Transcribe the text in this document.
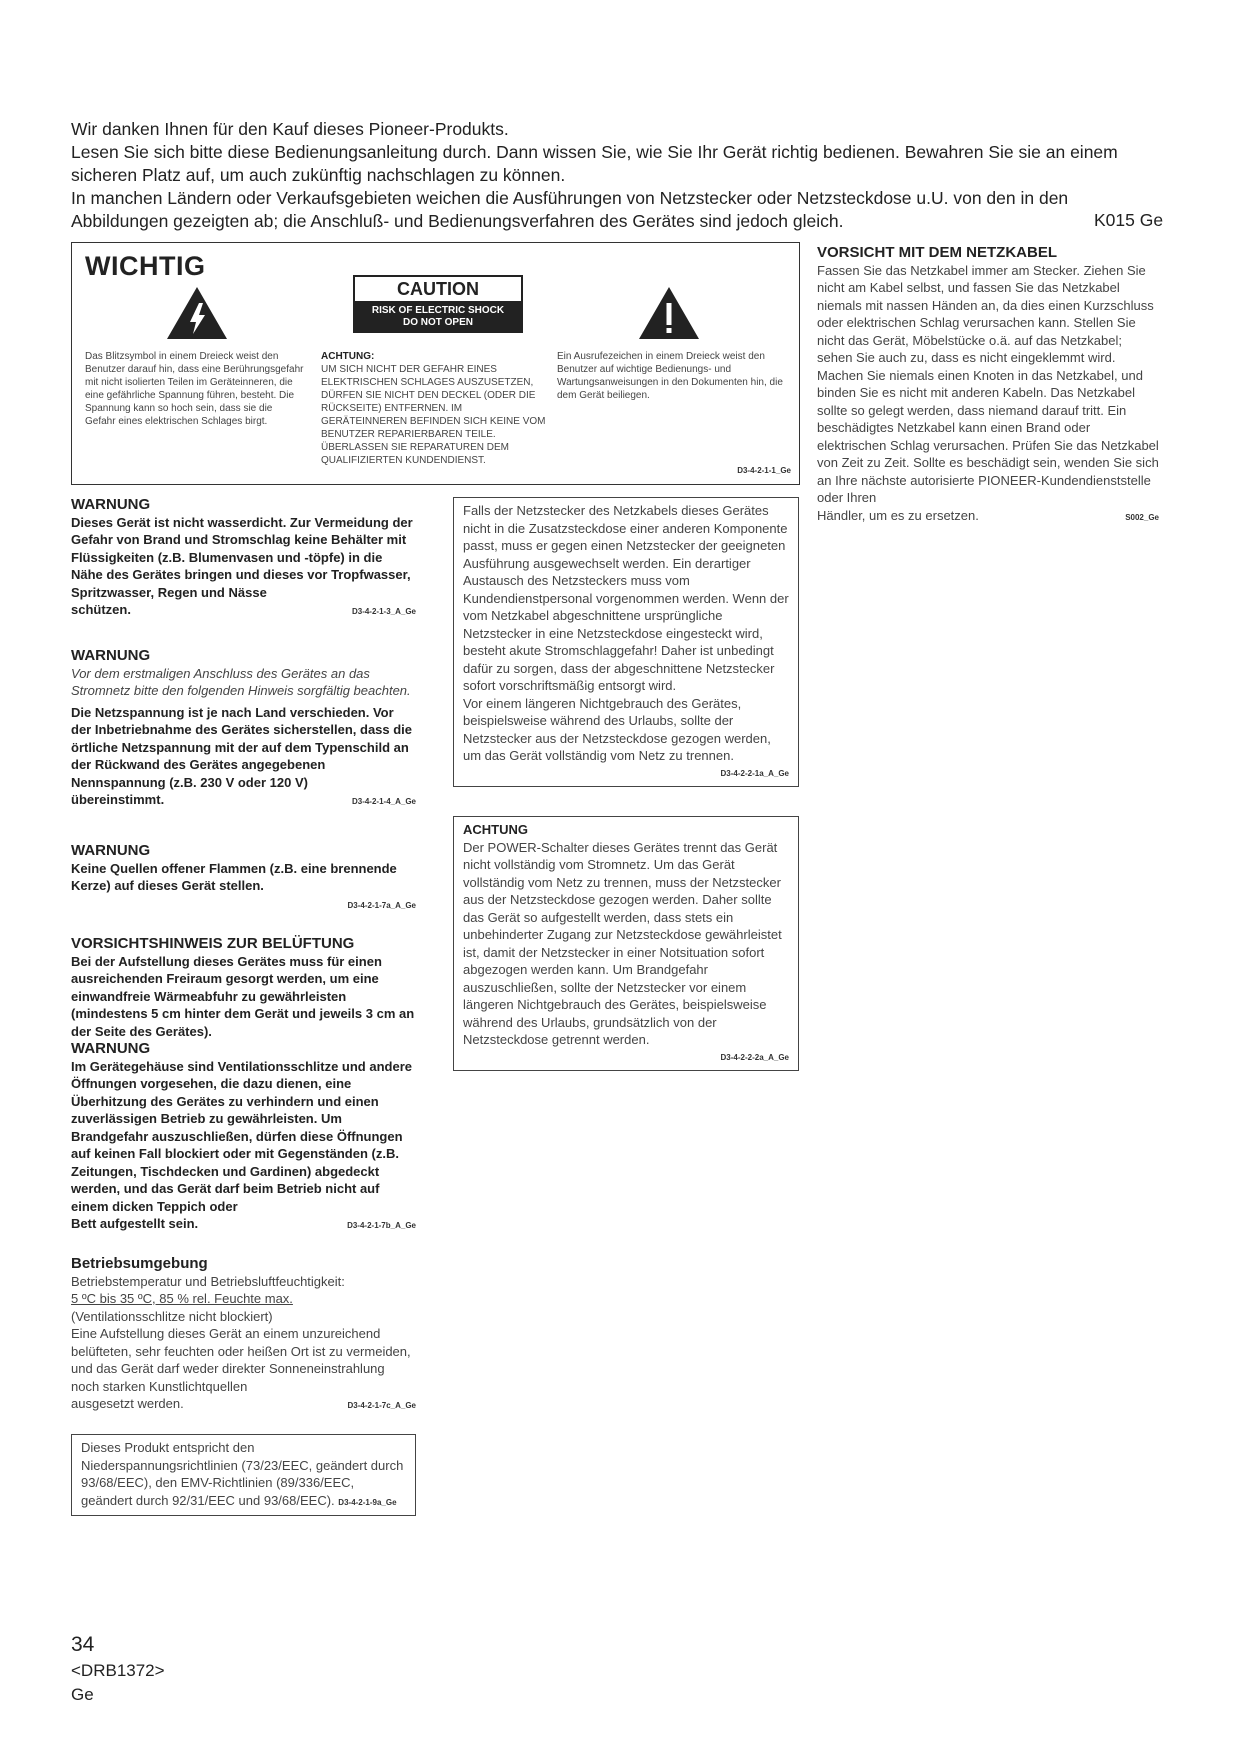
Wir danken Ihnen für den Kauf dieses Pioneer-Produkts.

Lesen Sie sich bitte diese Bedienungsanleitung durch. Dann wissen Sie, wie Sie Ihr Gerät richtig bedienen. Bewahren Sie sie an einem sicheren Platz auf, um auch zukünftig nachschlagen zu können.

In manchen Ländern oder Verkaufsgebieten weichen die Ausführungen von Netzstecker oder Netzsteckdose u.U. von den in den Abbildungen gezeigten ab; die Anschluß- und Bedienungsverfahren des Gerätes sind jedoch gleich.	K015 Ge
WICHTIG
CAUTION
RISK OF ELECTRIC SHOCK
DO NOT OPEN
Das Blitzsymbol in einem Dreieck weist den Benutzer darauf hin, dass eine Berührungsgefahr mit nicht isolierten Teilen im Geräteinneren, die eine gefährliche Spannung führen, besteht. Die Spannung kann so hoch sein, dass sie die Gefahr eines elektrischen Schlages birgt.
ACHTUNG:
UM SICH NICHT DER GEFAHR EINES ELEKTRISCHEN SCHLAGES AUSZUSETZEN, DÜRFEN SIE NICHT DEN DECKEL (ODER DIE RÜCKSEITE) ENTFERNEN. IM GERÄTEINNEREN BEFINDEN SICH KEINE VOM BENUTZER REPARIERBAREN TEILE. ÜBERLASSEN SIE REPARATUREN DEM QUALIFIZIERTEN KUNDENDIENST.
Ein Ausrufezeichen in einem Dreieck weist den Benutzer auf wichtige Bedienungs- und Wartungsanweisungen in den Dokumenten hin, die dem Gerät beiliegen.
D3-4-2-1-1_Ge
WARNUNG
Dieses Gerät ist nicht wasserdicht. Zur Vermeidung der Gefahr von Brand und Stromschlag keine Behälter mit Flüssigkeiten (z.B. Blumenvasen und -töpfe) in die Nähe des Gerätes bringen und dieses vor Tropfwasser, Spritzwasser, Regen und Nässe
schützen.	D3-4-2-1-3_A_Ge
WARNUNG
Vor dem erstmaligen Anschluss des Gerätes an das Stromnetz bitte den folgenden Hinweis sorgfältig beachten.
Die Netzspannung ist je nach Land verschieden. Vor der Inbetriebnahme des Gerätes sicherstellen, dass die örtliche Netzspannung mit der auf dem Typenschild an der Rückwand des Gerätes angegebenen Nennspannung (z.B. 230 V oder 120 V)
übereinstimmt.	D3-4-2-1-4_A_Ge
WARNUNG
Keine Quellen offener Flammen (z.B. eine brennende Kerze) auf dieses Gerät stellen.
D3-4-2-1-7a_A_Ge
VORSICHTSHINWEIS ZUR BELÜFTUNG
Bei der Aufstellung dieses Gerätes muss für einen ausreichenden Freiraum gesorgt werden, um eine einwandfreie Wärmeabfuhr zu gewährleisten (mindestens 5 cm hinter dem Gerät und jeweils 3 cm an der Seite des Gerätes).
WARNUNG
Im Gerätegehäuse sind Ventilationsschlitze und andere Öffnungen vorgesehen, die dazu dienen, eine Überhitzung des Gerätes zu verhindern und einen zuverlässigen Betrieb zu gewährleisten. Um Brandgefahr auszuschließen, dürfen diese Öffnungen auf keinen Fall blockiert oder mit Gegenständen (z.B. Zeitungen, Tischdecken und Gardinen) abgedeckt werden, und das Gerät darf beim Betrieb nicht auf einem dicken Teppich oder
Bett aufgestellt sein.	D3-4-2-1-7b_A_Ge
Betriebsumgebung
Betriebstemperatur und Betriebsluftfeuchtigkeit:
5 ºC bis 35 ºC, 85 % rel. Feuchte max.
(Ventilationsschlitze nicht blockiert)
Eine Aufstellung dieses Gerät an einem unzureichend belüfteten, sehr feuchten oder heißen Ort ist zu vermeiden, und das Gerät darf weder direkter Sonneneinstrahlung noch starken Kunstlichtquellen
ausgesetzt werden.	D3-4-2-1-7c_A_Ge
Dieses Produkt entspricht den Niederspannungsrichtlinien (73/23/EEC, geändert durch 93/68/EEC), den EMV-Richtlinien (89/336/EEC,
geändert durch 92/31/EEC und 93/68/EEC). D3-4-2-1-9a_Ge
Falls der Netzstecker des Netzkabels dieses Gerätes nicht in die Zusatzsteckdose einer anderen Komponente passt, muss er gegen einen Netzstecker der geeigneten Ausführung ausgewechselt werden. Ein derartiger Austausch des Netzsteckers muss vom Kundendienstpersonal vorgenommen werden. Wenn der vom Netzkabel abgeschnittene ursprüngliche Netzstecker in eine Netzsteckdose eingesteckt wird, besteht akute Stromschlaggefahr! Daher ist unbedingt dafür zu sorgen, dass der abgeschnittene Netzstecker sofort vorschriftsmäßig entsorgt wird.
Vor einem längeren Nichtgebrauch des Gerätes, beispielsweise während des Urlaubs, sollte der Netzstecker aus der Netzsteckdose gezogen werden, um das Gerät vollständig vom Netz zu trennen.
D3-4-2-2-1a_A_Ge
ACHTUNG
Der POWER-Schalter dieses Gerätes trennt das Gerät nicht vollständig vom Stromnetz. Um das Gerät vollständig vom Netz zu trennen, muss der Netzstecker aus der Netzsteckdose gezogen werden. Daher sollte das Gerät so aufgestellt werden, dass stets ein unbehinderter Zugang zur Netzsteckdose gewährleistet ist, damit der Netzstecker in einer Notsituation sofort abgezogen werden kann. Um Brandgefahr auszuschließen, sollte der Netzstecker vor einem längeren Nichtgebrauch des Gerätes, beispielsweise während des Urlaubs, grundsätzlich von der Netzsteckdose getrennt werden.
D3-4-2-2-2a_A_Ge
VORSICHT MIT DEM NETZKABEL
Fassen Sie das Netzkabel immer am Stecker. Ziehen Sie nicht am Kabel selbst, und fassen Sie das Netzkabel niemals mit nassen Händen an, da dies einen Kurzschluss oder elektrischen Schlag verursachen kann. Stellen Sie nicht das Gerät, Möbelstücke o.ä. auf das Netzkabel; sehen Sie auch zu, dass es nicht eingeklemmt wird. Machen Sie niemals einen Knoten in das Netzkabel, und binden Sie es nicht mit anderen Kabeln. Das Netzkabel sollte so gelegt werden, dass niemand darauf tritt. Ein beschädigtes Netzkabel kann einen Brand oder elektrischen Schlag verursachen. Prüfen Sie das Netzkabel von Zeit zu Zeit. Sollte es beschädigt sein, wenden Sie sich an Ihre nächste autorisierte PIONEER-Kundendienststelle oder Ihren
Händler, um es zu ersetzen.	S002_Ge
34
<DRB1372>
Ge
